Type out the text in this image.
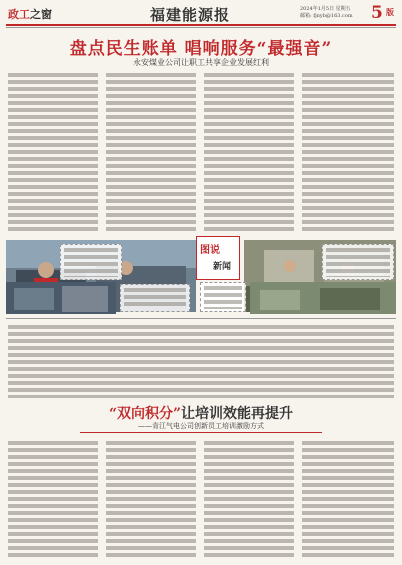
政工之窗	福建能源报	2024年1月5日 星期五
邮箱: fjnyb@163.com 5 版
盘点民生账单 唱响服务“最强音”
永安煤业公司让职工共享企业发展红利
图说
新闻
“双向积分”让培训效能再提升
——肯江气电公司创新员工培训激励方式
